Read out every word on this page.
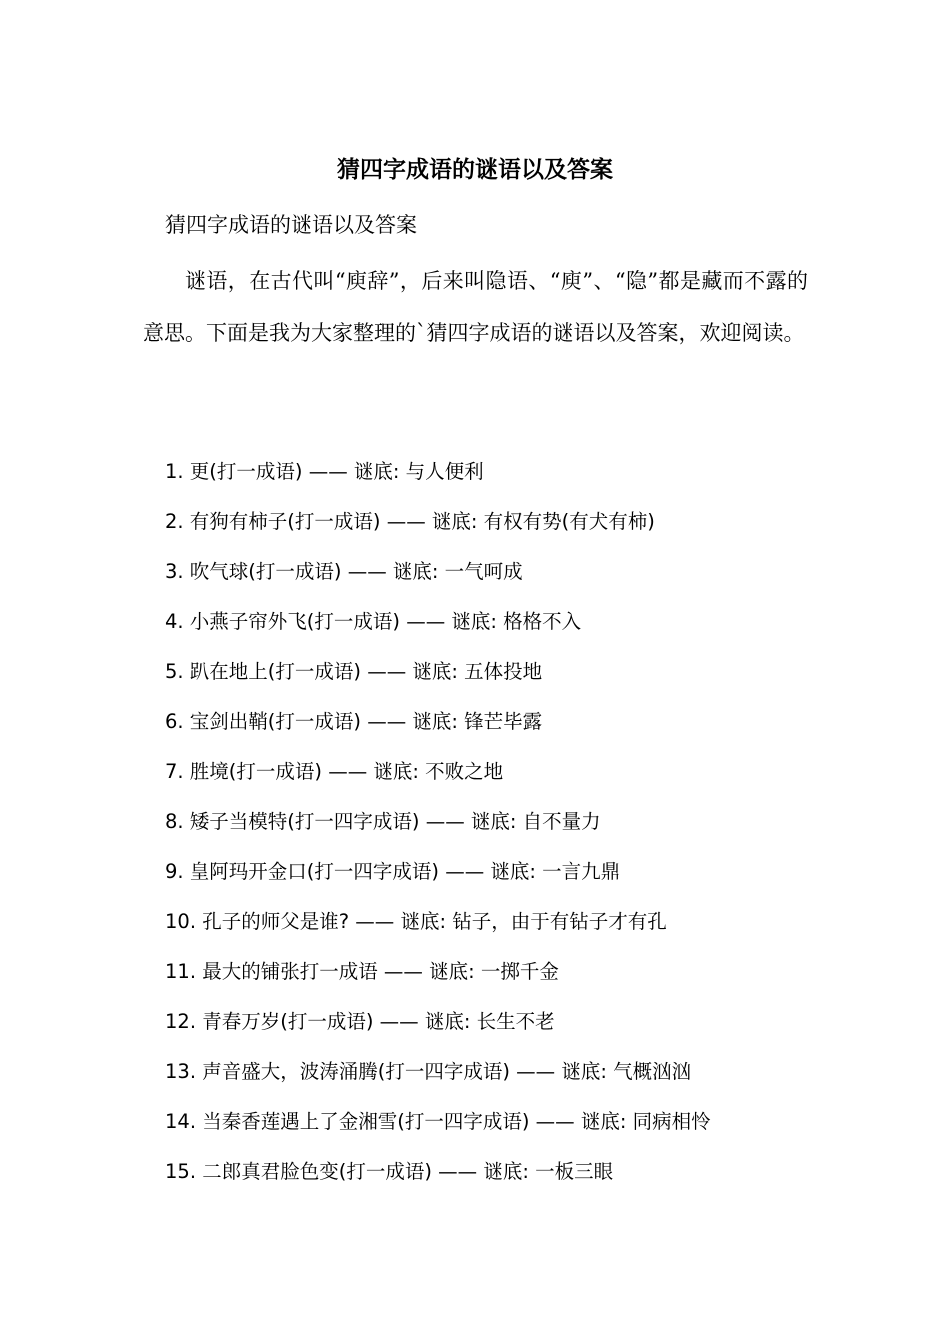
猜四字成语的谜语以及答案

猜四字成语的谜语以及答案

谜语，在古代叫“庾辞”，后来叫隐语、“庾”、“隐”都是藏而不露的意思。下面是我为大家整理的`猜四字成语的谜语以及答案，欢迎阅读。

1. 更(打一成语) —— 谜底: 与人便利
2. 有狗有柿子(打一成语) —— 谜底: 有权有势(有犬有柿)
3. 吹气球(打一成语) —— 谜底: 一气呵成
4. 小燕子帘外飞(打一成语) —— 谜底: 格格不入
5. 趴在地上(打一成语) —— 谜底: 五体投地
6. 宝剑出鞘(打一成语) —— 谜底: 锋芒毕露
7. 胜境(打一成语) —— 谜底: 不败之地
8. 矮子当模特(打一四字成语) —— 谜底: 自不量力
9. 皇阿玛开金口(打一四字成语) —— 谜底: 一言九鼎
10. 孔子的师父是谁? —— 谜底: 钻子，由于有钻子才有孔
11. 最大的铺张打一成语 —— 谜底: 一掷千金
12. 青春万岁(打一成语) —— 谜底: 长生不老
13. 声音盛大，波涛涌腾(打一四字成语) —— 谜底: 气概汹汹
14. 当秦香莲遇上了金湘雪(打一四字成语) —— 谜底: 同病相怜
15. 二郎真君脸色变(打一成语) —— 谜底: 一板三眼
